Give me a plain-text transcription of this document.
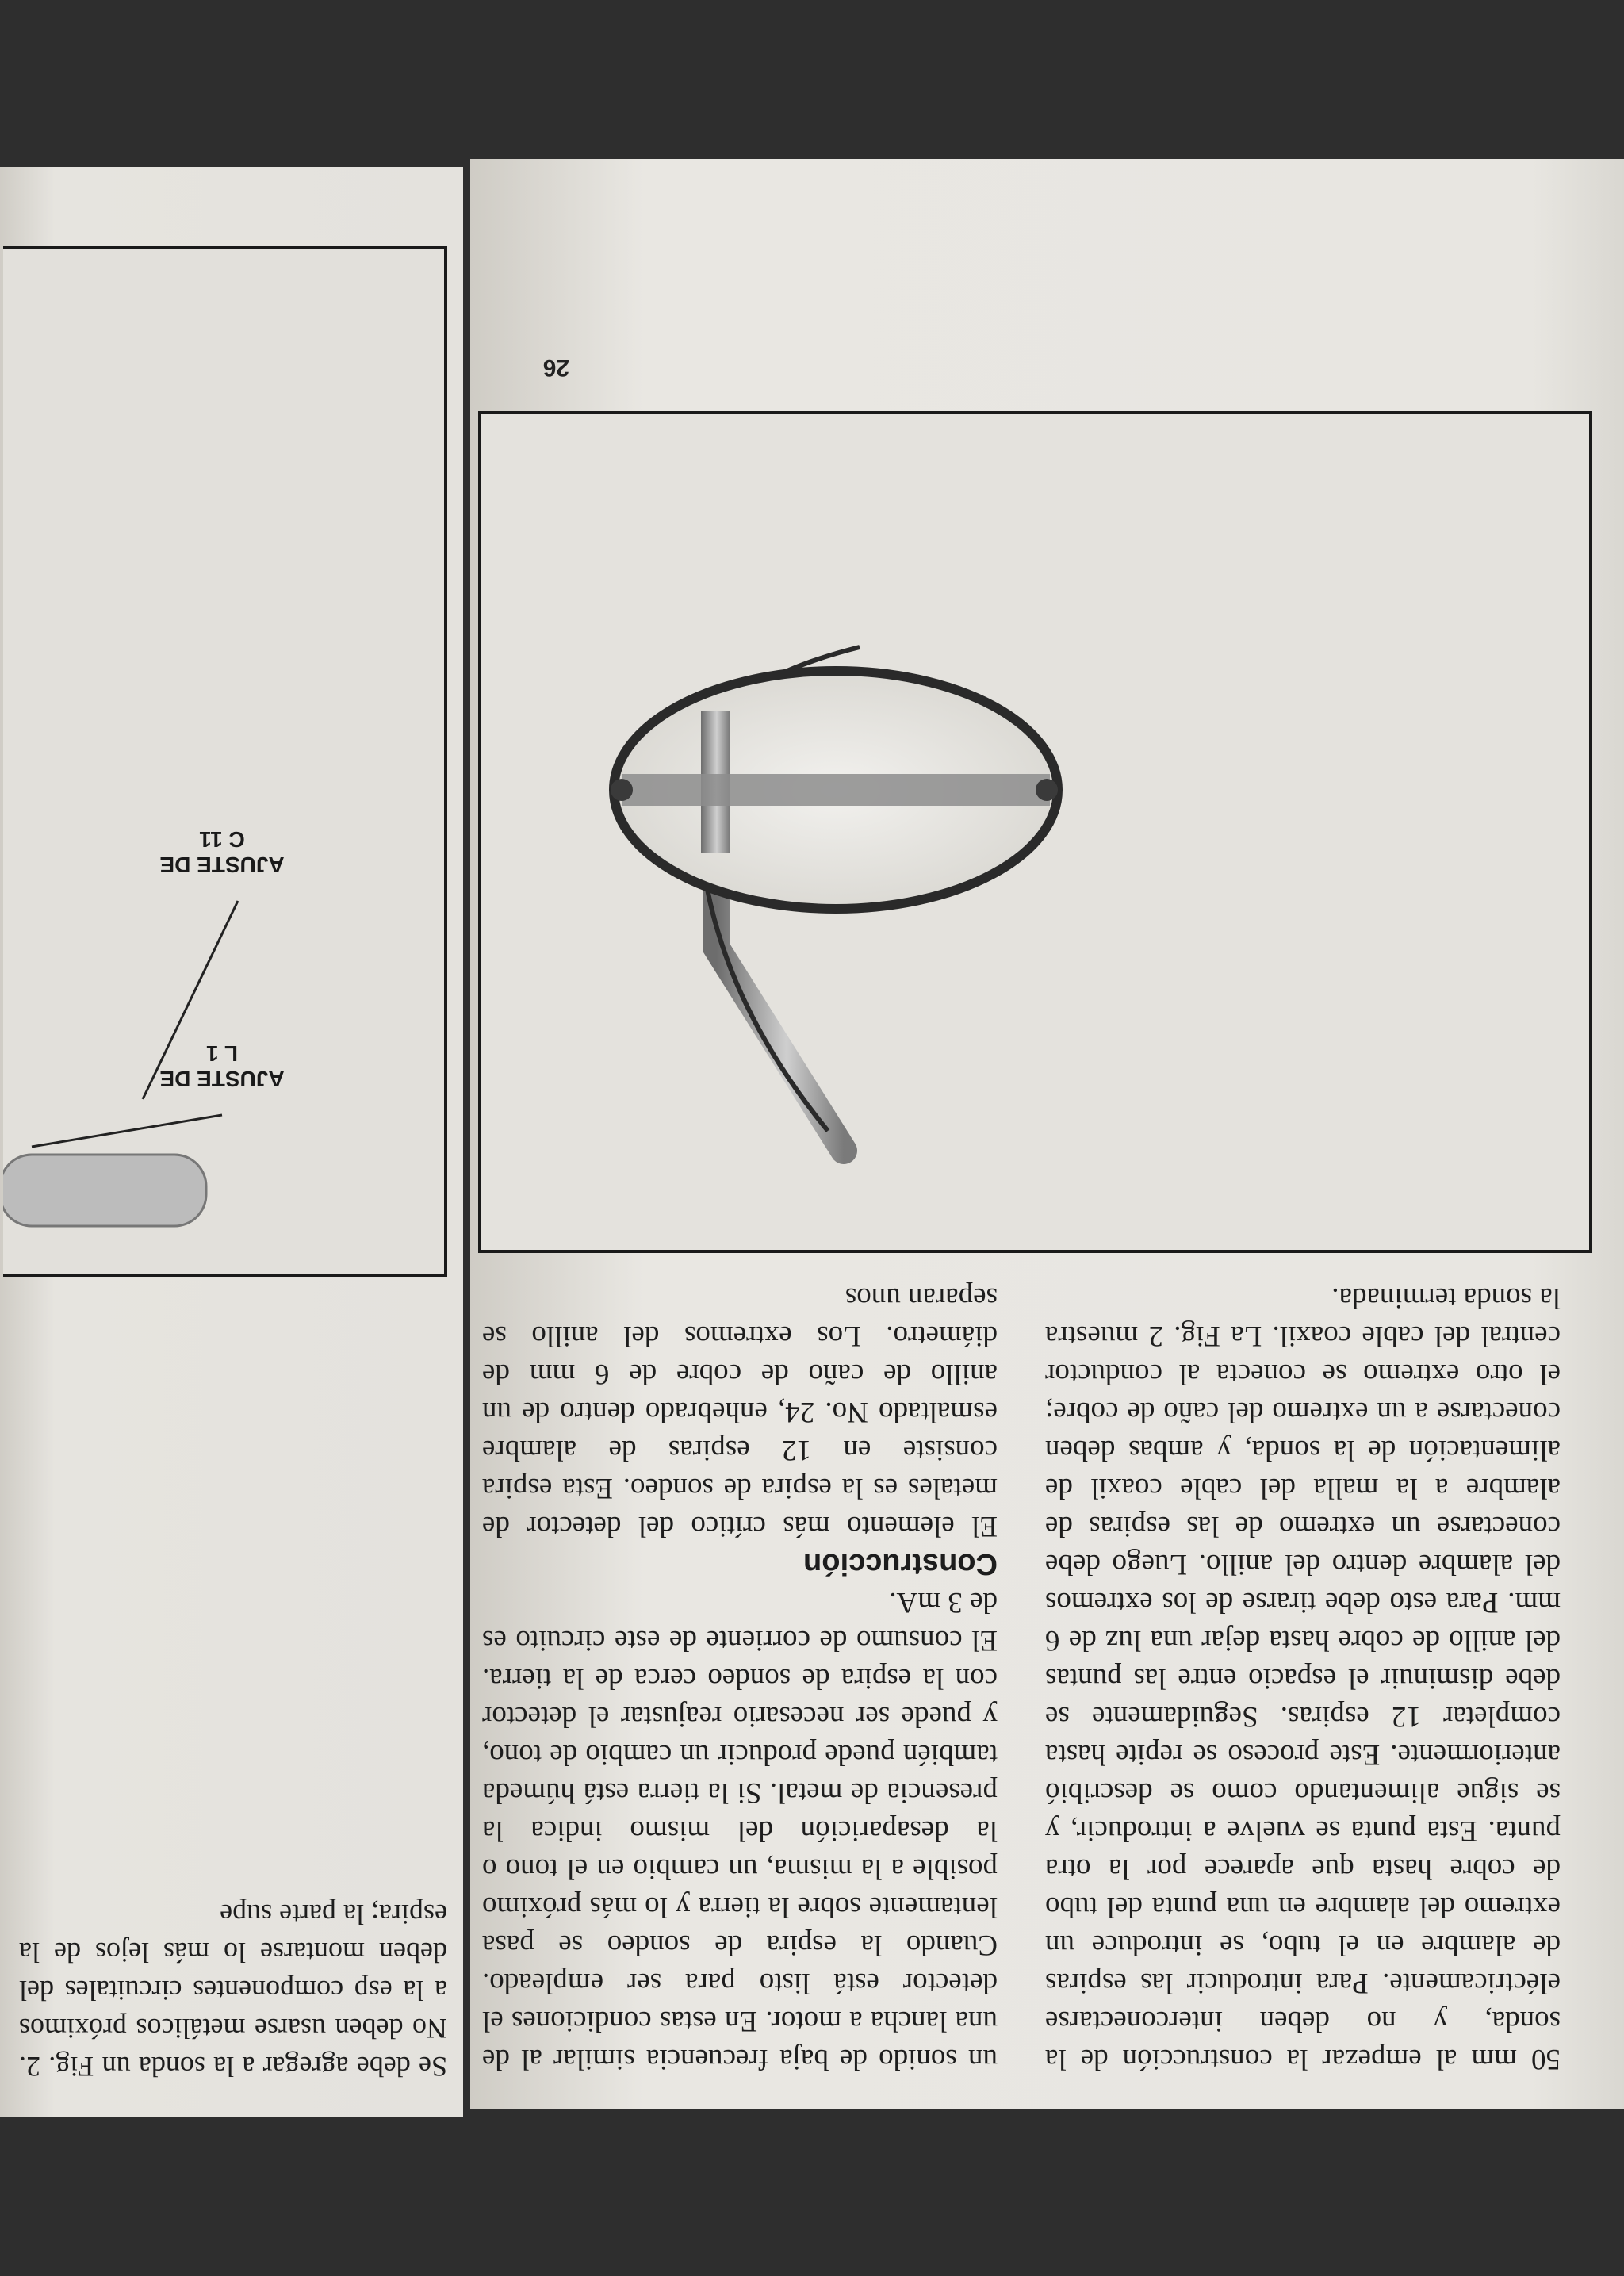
50 mm al empezar la construcción de la sonda, y no deben interconectarse eléctricamente. Para introducir las espiras de alambre en el tubo, se introduce un extremo del alambre en una punta del tubo de cobre hasta que aparece por la otra punta. Esta punta se vuelve a introducir, y se sigue alimentando como se describió anteriormente. Este proceso se repite hasta completar 12 espiras. Seguidamente se debe disminuir el espacio entre las puntas del anillo de cobre hasta dejar una luz de 6 mm. Para esto debe tirarse de los extremos del alambre dentro del anillo. Luego debe conectarse un extremo de las espiras de alambre a la malla del cable coaxil de alimentación de la sonda, y ambas deben conectarse a un extremo del caño de cobre; el otro extremo se conecta al conductor central del cable coaxil. La Fig. 2 muestra la sonda terminada.

un sonido de baja frecuencia similar al de una lancha a motor. En estas condiciones el detector está listo para ser empleado. Cuando la espira de sondeo se pasa lentamente sobre la tierra y lo más próximo posible a la misma, un cambio en el tono o la desaparición del mismo indica la presencia de metal. Si la tierra está húmeda también puede producir un cambio de tono, y puede ser necesario reajustar el detector con la espira de sondeo cerca de la tierra. El consumo de corriente de este circuito es de 3 mA.

Construcción

El elemento más crítico del detector de metales es la espira de sondeo. Esta espira consiste en 12 espiras de alambre esmaltado No. 24, enhebrado dentro de un anillo de caño de cobre de 6 mm de diámetro. Los extremos del anillo se separan unos

26

Se debe agregar a la sonda un Fig. 2. No deben usarse metálicos próximos a la esp componentes circuitales del deben montarse lo más lejos de la espira; la parte supe

AJUSTE DE L 1
AJUSTE DE C 11
